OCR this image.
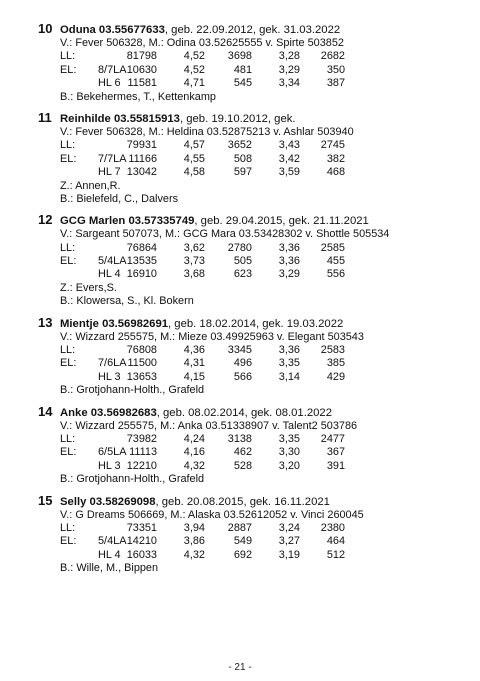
10 Oduna 03.55677633, geb. 22.09.2012, gek. 31.03.2022
V.: Fever 506328, M.: Odina 03.52625555 v. Spirte 503852
LL:	81798 4,52 3698 3,28 2682
EL: 8/7LA 10630 4,52	481 3,29 350
HL 6 11581 4,71	545 3,34 387
B.: Bekehermes, T., Kettenkamp
11 Reinhilde 03.55815913, geb. 19.10.2012, gek.
V.: Fever 506328, M.: Heldina 03.52875213 v. Ashlar 503940
LL:	79931 4,57 3652 3,43 2745
EL: 7/7LA 11166 4,55	508 3,42 382
HL 7 13042 4,58	597 3,59 468
Z.: Annen,R.
B.: Bielefeld, C., Dalvers
12 GCG Marlen 03.57335749, geb. 29.04.2015, gek. 21.11.2021
V.: Sargeant 507073, M.: GCG Mara 03.53428302 v. Shottle 505534
LL:	76864 3,62 2780 3,36 2585
EL: 5/4LA 13535 3,73	505 3,36 455
HL 4 16910 3,68	623 3,29 556
Z.: Evers,S.
B.: Klowersa, S., Kl. Bokern
13 Mientje 03.56982691, geb. 18.02.2014, gek. 19.03.2022
V.: Wizzard 255575, M.: Mieze 03.49925963 v. Elegant 503543
LL:	76808 4,36 3345 3,36 2583
EL: 7/6LA 11500 4,31	496 3,35 385
HL 3 13653 4,15	566 3,14 429
B.: Grotjohann-Holth., Grafeld
14 Anke 03.56982683, geb. 08.02.2014, gek. 08.01.2022
V.: Wizzard 255575, M.: Anka 03.51338907 v. Talent2 503786
LL:	73982 4,24 3138 3,35 2477
EL: 6/5LA 11113 4,16	462 3,30 367
HL 3 12210 4,32	528 3,20 391
B.: Grotjohann-Holth., Grafeld
15 Selly 03.58269098, geb. 20.08.2015, gek. 16.11.2021
V.: G Dreams 506669, M.: Alaska 03.52612052 v. Vinci 260045
LL:	73351 3,94 2887 3,24 2380
EL: 5/4LA 14210 3,86	549 3,27 464
HL 4 16033 4,32	692 3,19 512
B.: Wille, M., Bippen
- 21 -
